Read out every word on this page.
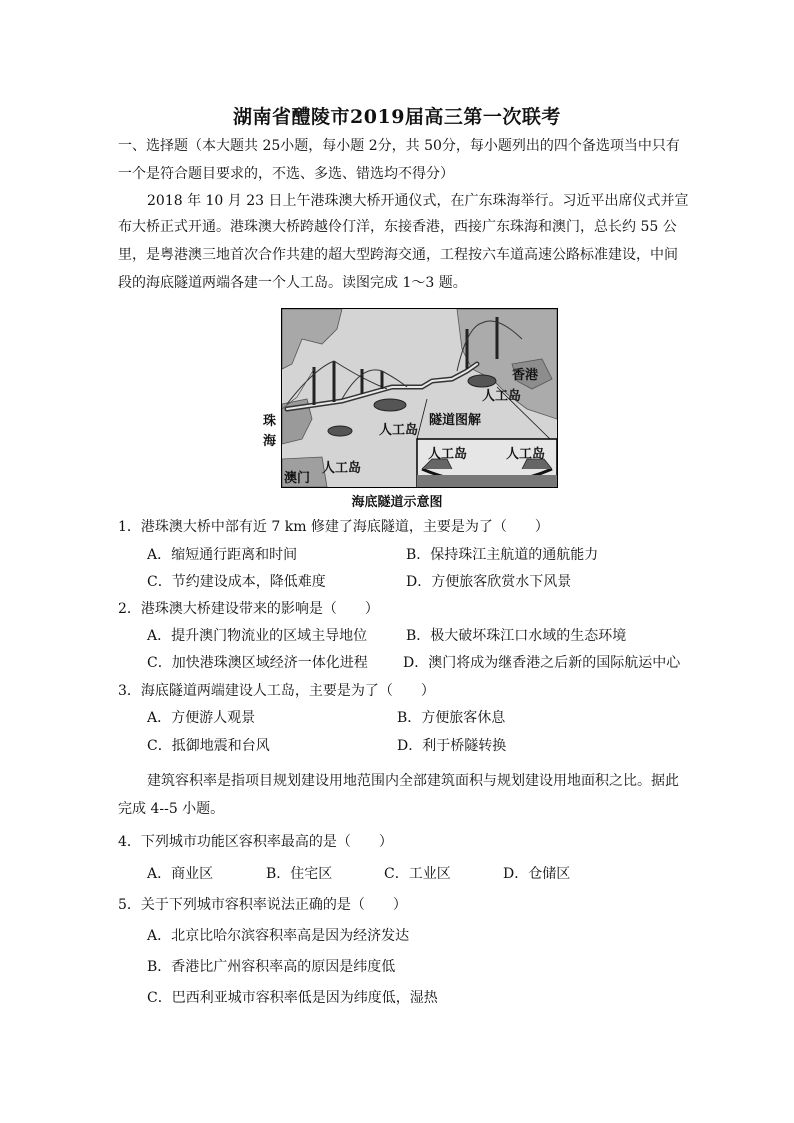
湖南省醴陵市2019届高三第一次联考
一、选择题（本大题共 25小题，每小题 2分，共 50分，每小题列出的四个备选项当中只有
一个是符合题目要求的，不选、多选、错选均不得分）
2018 年 10 月 23 日上午港珠澳大桥开通仪式，在广东珠海举行。习近平出席仪式并宣
布大桥正式开通。港珠澳大桥跨越伶仃洋，东接香港，西接广东珠海和澳门，总长约 55 公
里，是粤港澳三地首次合作共建的超大型跨海交通，工程按六车道高速公路标准建设，中间
段的海底隧道两端各建一个人工岛。读图完成 1～3 题。
香港
人工岛
人工岛
隧道图解
人工岛
澳门
人工岛	人工岛
珠
海
海底隧道示意图
1．港珠澳大桥中部有近 7 km 修建了海底隧道，主要是为了（　　）
A．缩短通行距离和时间	B．保持珠江主航道的通航能力
C．节约建设成本，降低难度	D．方便旅客欣赏水下风景
2．港珠澳大桥建设带来的影响是（　　）
A．提升澳门物流业的区域主导地位	B．极大破坏珠江口水域的生态环境
C．加快港珠澳区域经济一体化进程	D．澳门将成为继香港之后新的国际航运中心
3．海底隧道两端建设人工岛，主要是为了（　　）
A．方便游人观景	B．方便旅客休息
C．抵御地震和台风	D．利于桥隧转换
建筑容积率是指项目规划建设用地范围内全部建筑面积与规划建设用地面积之比。据此
完成 4--5 小题。
4．下列城市功能区容积率最高的是（　　）
A．商业区	B．住宅区	C．工业区	D．仓储区
5．关于下列城市容积率说法正确的是（　　）
A．北京比哈尔滨容积率高是因为经济发达
B．香港比广州容积率高的原因是纬度低
C．巴西利亚城市容积率低是因为纬度低，湿热
